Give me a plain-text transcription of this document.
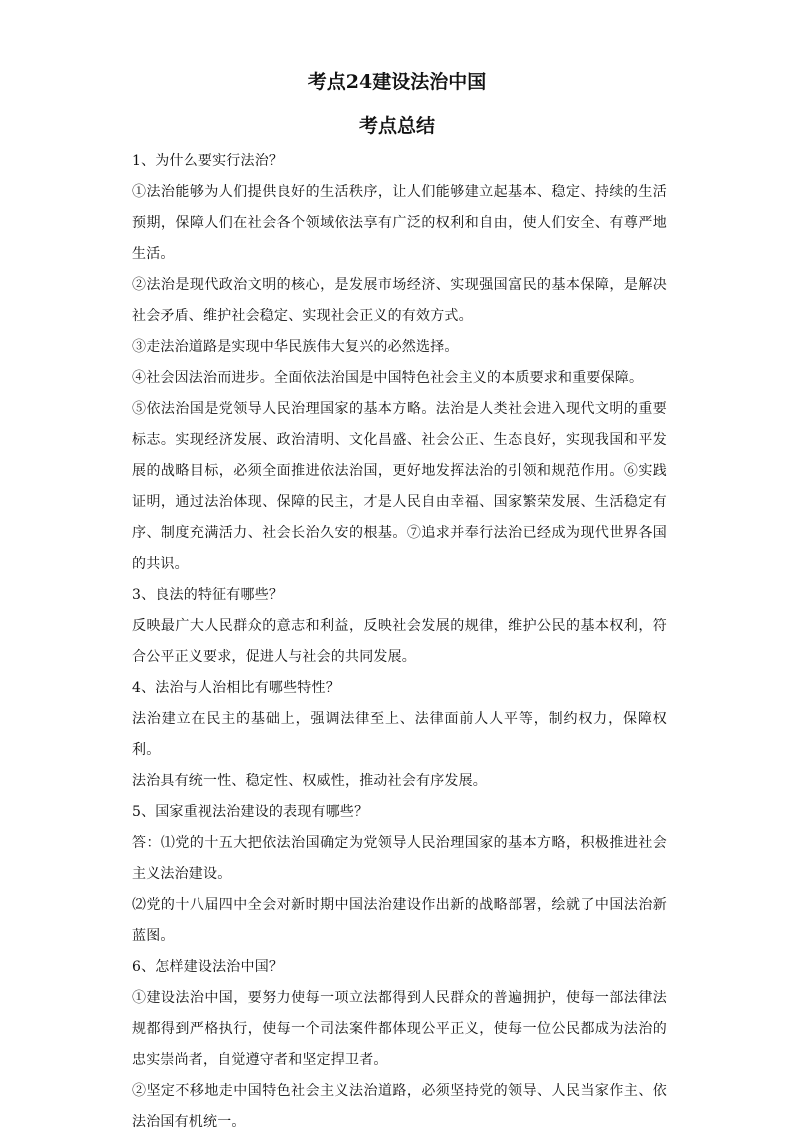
考点24建设法治中国
考点总结

1、为什么要实行法治？

①法治能够为人们提供良好的生活秩序，让人们能够建立起基本、稳定、持续的生活预期，保障人们在社会各个领域依法享有广泛的权利和自由，使人们安全、有尊严地生活。

②法治是现代政治文明的核心，是发展市场经济、实现强国富民的基本保障，是解决社会矛盾、维护社会稳定、实现社会正义的有效方式。

③走法治道路是实现中华民族伟大复兴的必然选择。

④社会因法治而进步。全面依法治国是中国特色社会主义的本质要求和重要保障。

⑤依法治国是党领导人民治理国家的基本方略。法治是人类社会进入现代文明的重要标志。实现经济发展、政治清明、文化昌盛、社会公正、生态良好，实现我国和平发展的战略目标，必须全面推进依法治国，更好地发挥法治的引领和规范作用。⑥实践证明，通过法治体现、保障的民主，才是人民自由幸福、国家繁荣发展、生活稳定有序、制度充满活力、社会长治久安的根基。⑦追求并奉行法治已经成为现代世界各国的共识。

3、良法的特征有哪些？

反映最广大人民群众的意志和利益，反映社会发展的规律，维护公民的基本权利，符合公平正义要求，促进人与社会的共同发展。

4、法治与人治相比有哪些特性？

法治建立在民主的基础上，强调法律至上、法律面前人人平等，制约权力，保障权利。

法治具有统一性、稳定性、权威性，推动社会有序发展。

5、国家重视法治建设的表现有哪些？

答：⑴党的十五大把依法治国确定为党领导人民治理国家的基本方略，积极推进社会主义法治建设。

⑵党的十八届四中全会对新时期中国法治建设作出新的战略部署，绘就了中国法治新蓝图。

6、怎样建设法治中国？

①建设法治中国，要努力使每一项立法都得到人民群众的普遍拥护，使每一部法律法规都得到严格执行，使每一个司法案件都体现公平正义，使每一位公民都成为法治的忠实崇尚者，自觉遵守者和坚定捍卫者。

②坚定不移地走中国特色社会主义法治道路，必须坚持党的领导、人民当家作主、依法治国有机统一。
